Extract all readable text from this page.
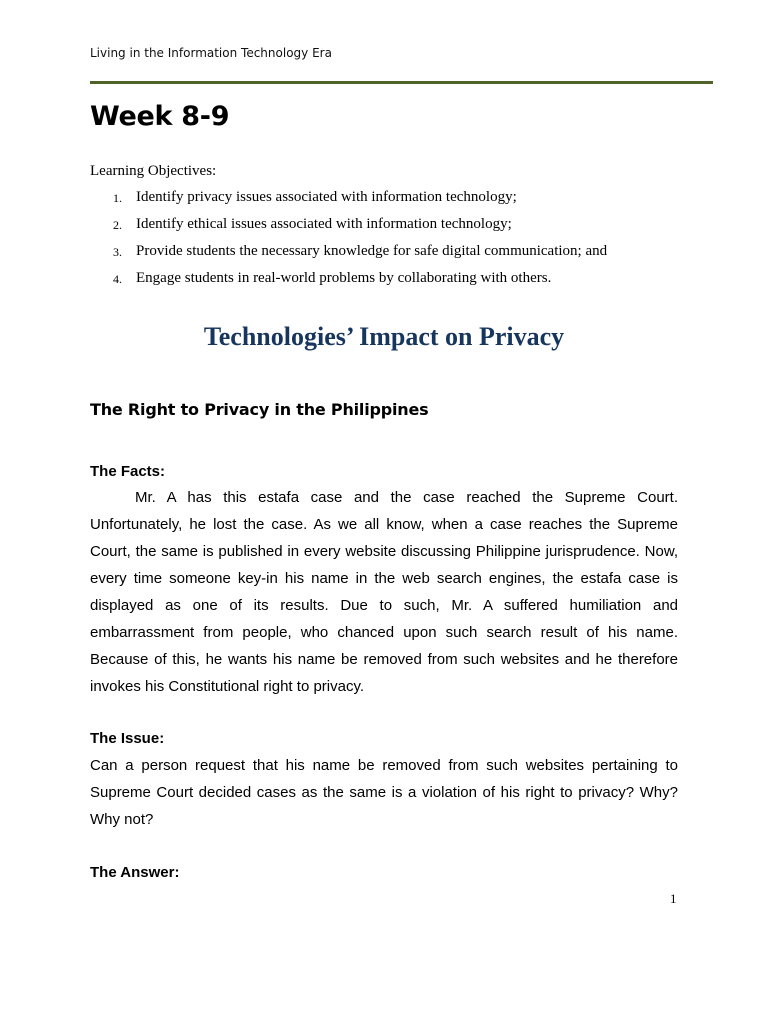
Living in the Information Technology Era
Week 8-9
Learning Objectives:
1. Identify privacy issues associated with information technology;
2. Identify ethical issues associated with information technology;
3. Provide students the necessary knowledge for safe digital communication; and
4. Engage students in real-world problems by collaborating with others.
Technologies’ Impact on Privacy
The Right to Privacy in the Philippines
The Facts:

Mr. A has this estafa case and the case reached the Supreme Court. Unfortunately, he lost the case. As we all know, when a case reaches the Supreme Court, the same is published in every website discussing Philippine jurisprudence. Now, every time someone key-in his name in the web search engines, the estafa case is displayed as one of its results. Due to such, Mr. A suffered humiliation and embarrassment from people, who chanced upon such search result of his name. Because of this, he wants his name be removed from such websites and he therefore invokes his Constitutional right to privacy.

The Issue:

Can a person request that his name be removed from such websites pertaining to Supreme Court decided cases as the same is a violation of his right to privacy? Why? Why not?

The Answer:
1
